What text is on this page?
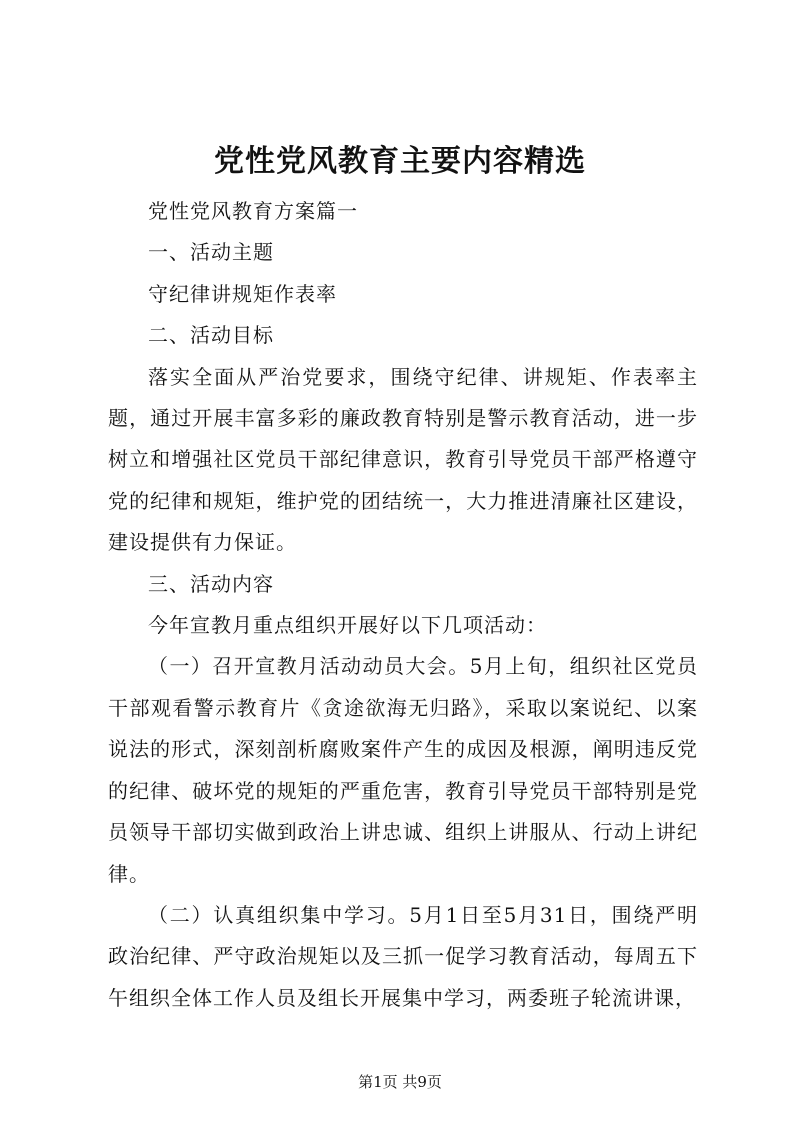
党性党风教育主要内容精选

党性党风教育方案篇一

一、活动主题

守纪律讲规矩作表率

二、活动目标

落实全面从严治党要求，围绕守纪律、讲规矩、作表率主题，通过开展丰富多彩的廉政教育特别是警示教育活动，进一步树立和增强社区党员干部纪律意识，教育引导党员干部严格遵守党的纪律和规矩，维护党的团结统一，大力推进清廉社区建设，建设提供有力保证。

三、活动内容

今年宣教月重点组织开展好以下几项活动：

（一）召开宣教月活动动员大会。5月上旬，组织社区党员干部观看警示教育片《贪途欲海无归路》，采取以案说纪、以案说法的形式，深刻剖析腐败案件产生的成因及根源，阐明违反党的纪律、破坏党的规矩的严重危害，教育引导党员干部特别是党员领导干部切实做到政治上讲忠诚、组织上讲服从、行动上讲纪律。

（二）认真组织集中学习。5月1日至5月31日，围绕严明政治纪律、严守政治规矩以及三抓一促学习教育活动，每周五下午组织全体工作人员及组长开展集中学习，两委班子轮流讲课，

第1页 共9页
